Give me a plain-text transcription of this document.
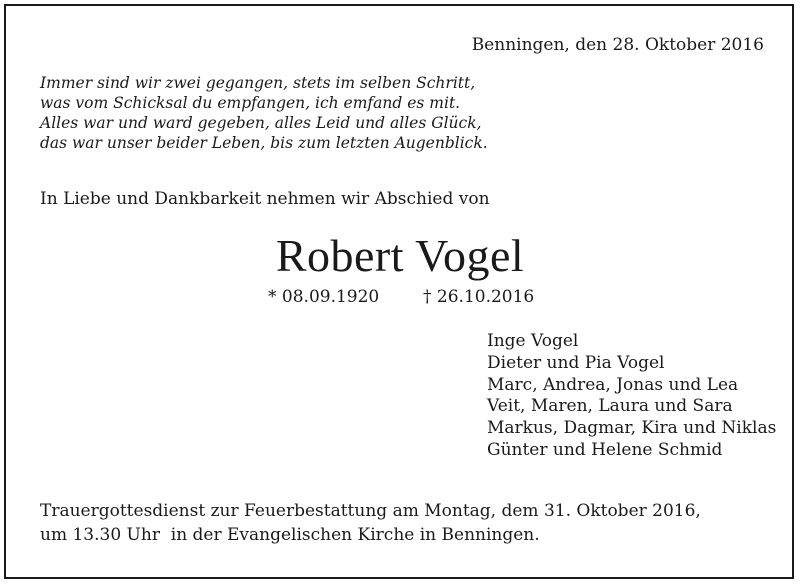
Benningen, den 28. Oktober 2016
Immer sind wir zwei gegangen, stets im selben Schritt,
was vom Schicksal du empfangen, ich emfand es mit.
Alles war und ward gegeben, alles Leid und alles Glück,
das war unser beider Leben, bis zum letzten Augenblick.
In Liebe und Dankbarkeit nehmen wir Abschied von
Robert Vogel
* 08.09.1920	† 26.10.2016
Inge Vogel
Dieter und Pia Vogel
Marc, Andrea, Jonas und Lea
Veit, Maren, Laura und Sara
Markus, Dagmar, Kira und Niklas
Günter und Helene Schmid
Trauergottesdienst zur Feuerbestattung am Montag, dem 31. Oktober 2016,
um 13.30 Uhr  in der Evangelischen Kirche in Benningen.
